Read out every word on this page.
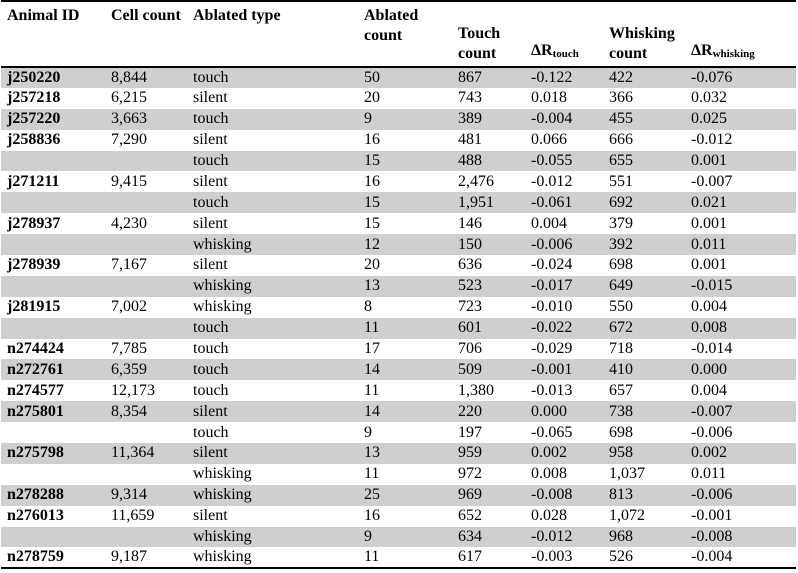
Animal ID	Cell count	Ablated type	Ablated count	Touch count	$\Delta R_{touch}$	Whisking count	$\Delta R_{whisking}$
j250220	8,844	touch	50	867	-0.122	422	-0.076
j257218	6,215	silent	20	743	0.018	366	0.032
j257220	3,663	touch	9	389	-0.004	455	0.025
j258836	7,290	silent	16	481	0.066	666	-0.012
		touch	15	488	-0.055	655	0.001
j271211	9,415	silent	16	2,476	-0.012	551	-0.007
		touch	15	1,951	-0.061	692	0.021
j278937	4,230	silent	15	146	0.004	379	0.001
		whisking	12	150	-0.006	392	0.011
j278939	7,167	silent	20	636	-0.024	698	0.001
		whisking	13	523	-0.017	649	-0.015
j281915	7,002	whisking	8	723	-0.010	550	0.004
		touch	11	601	-0.022	672	0.008
n274424	7,785	touch	17	706	-0.029	718	-0.014
n272761	6,359	touch	14	509	-0.001	410	0.000
n274577	12,173	touch	11	1,380	-0.013	657	0.004
n275801	8,354	silent	14	220	0.000	738	-0.007
		touch	9	197	-0.065	698	-0.006
n275798	11,364	silent	13	959	0.002	958	0.002
		whisking	11	972	0.008	1,037	0.011
n278288	9,314	whisking	25	969	-0.008	813	-0.006
n276013	11,659	silent	16	652	0.028	1,072	-0.001
		whisking	9	634	-0.012	968	-0.008
n278759	9,187	whisking	11	617	-0.003	526	-0.004
